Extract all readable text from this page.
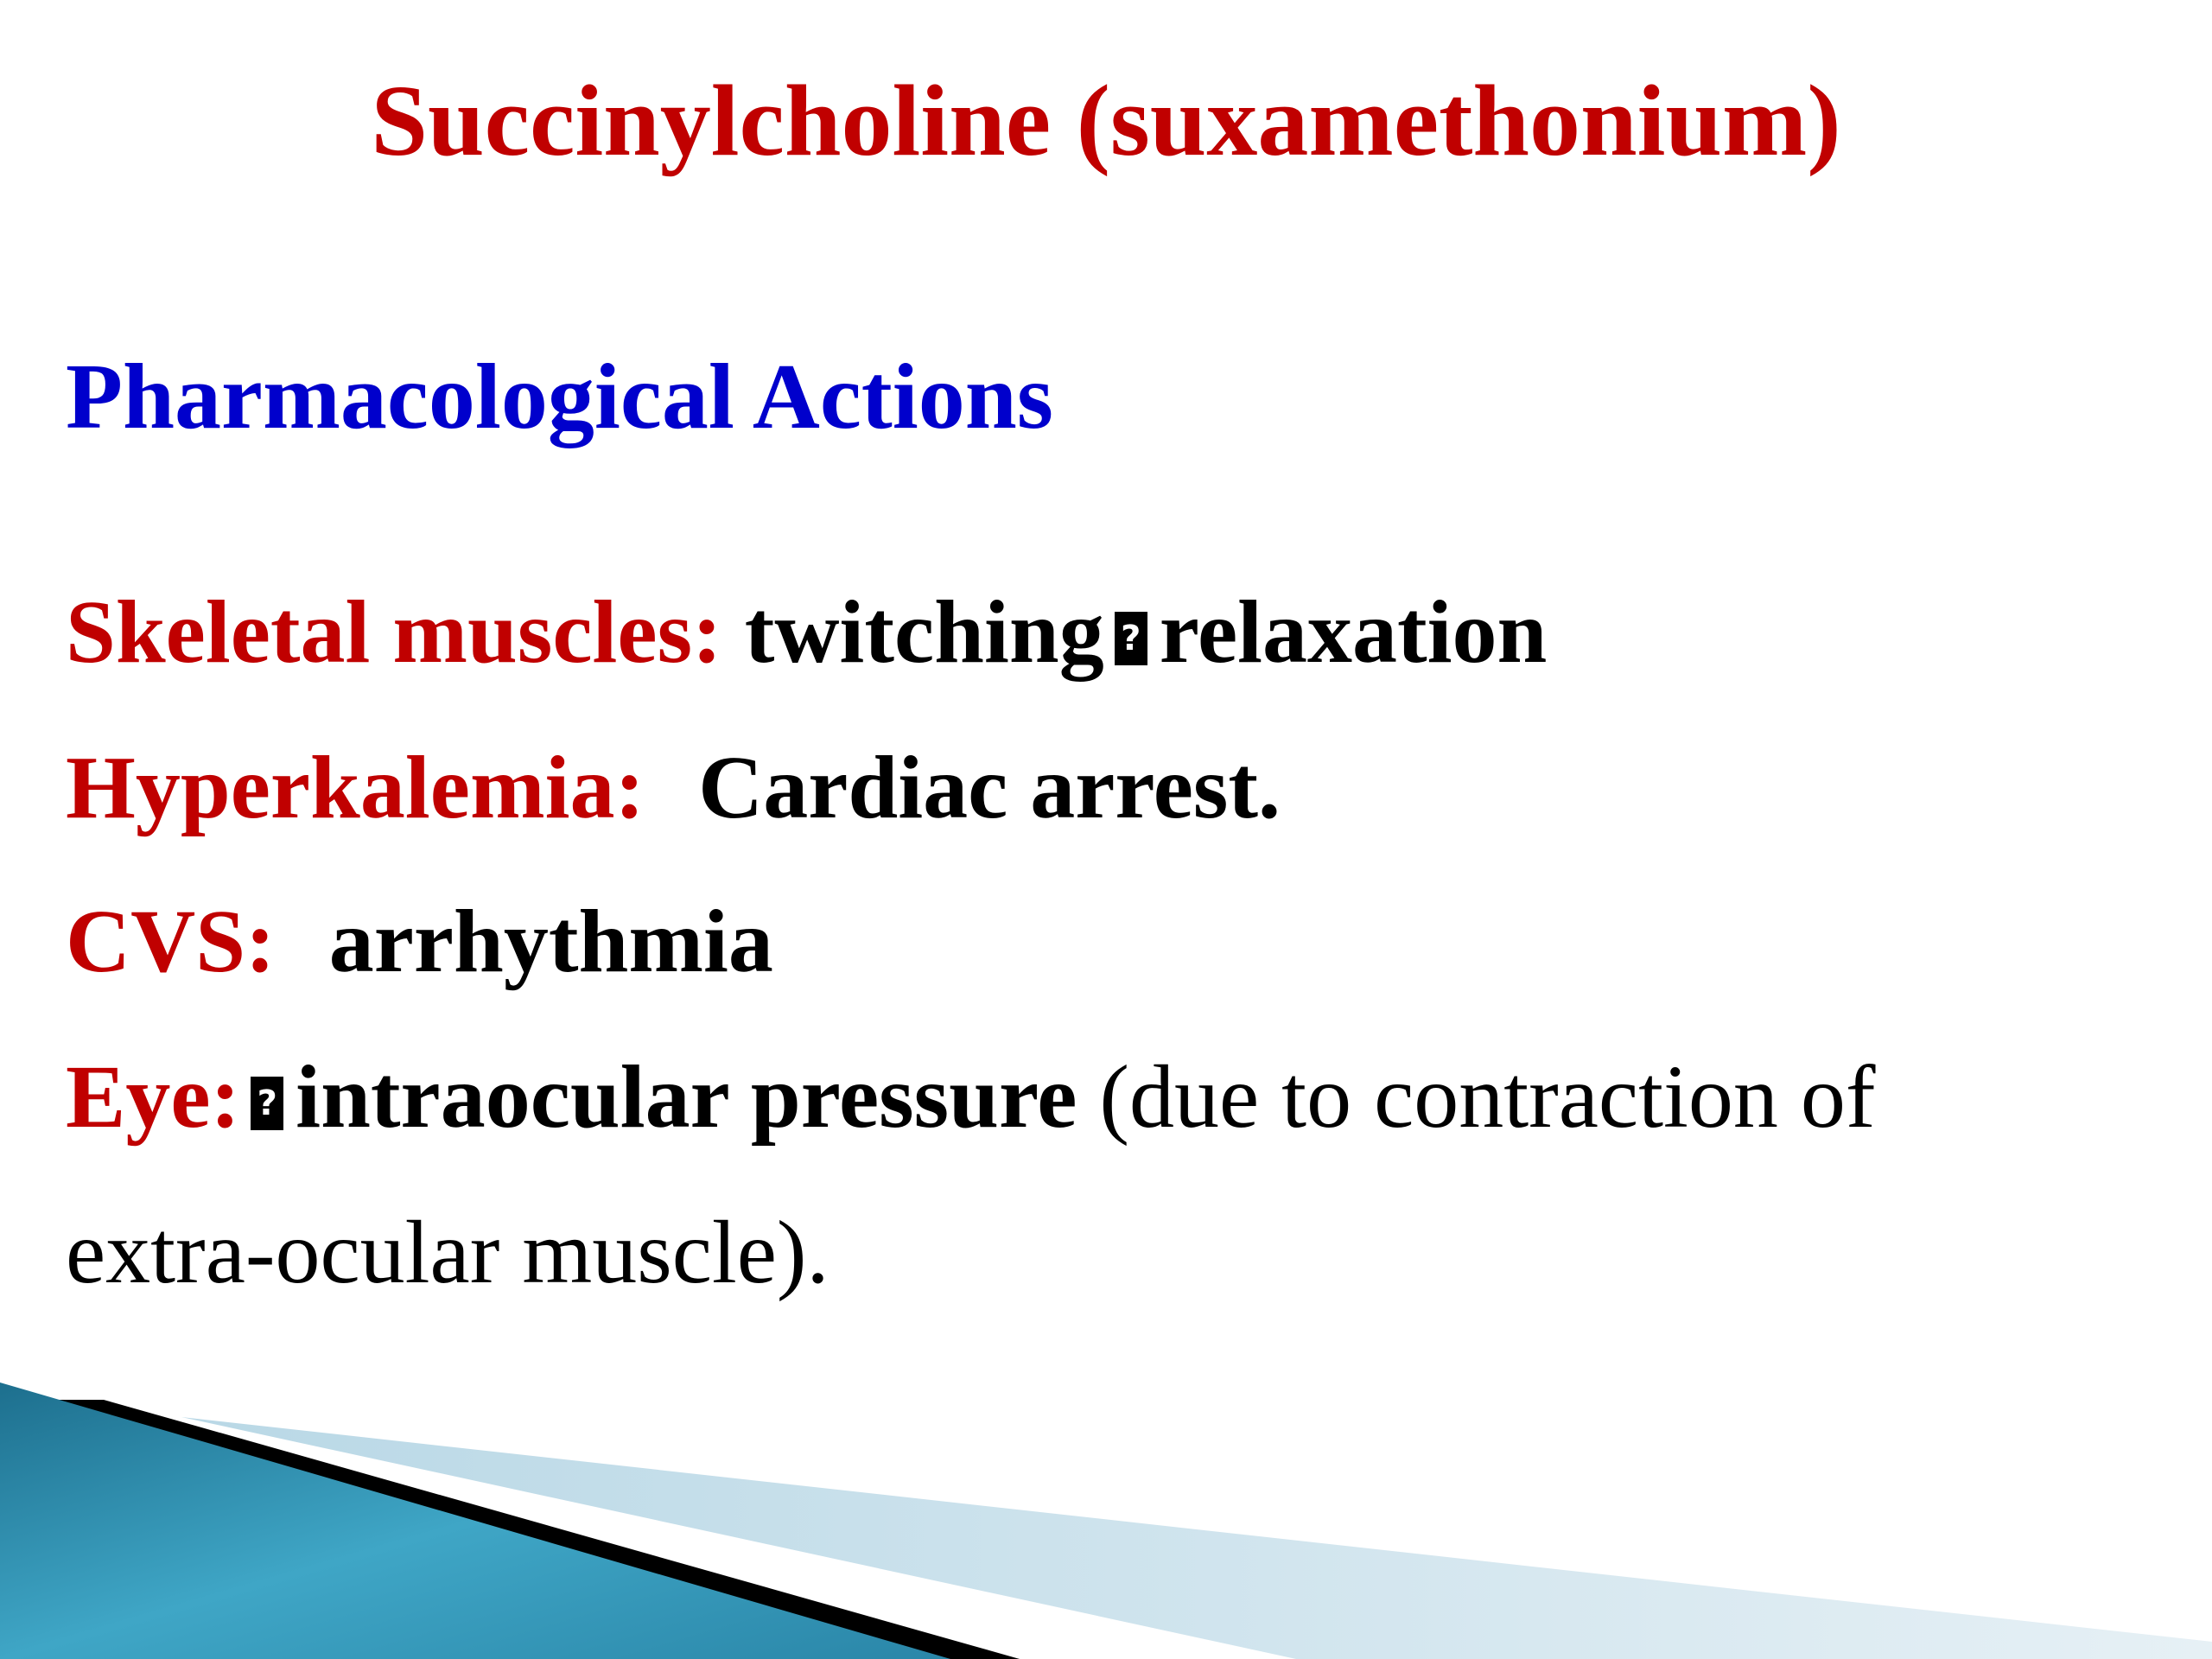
Succinylcholine (suxamethonium)
Pharmacological Actions
Skeletal muscles: twitching ? relaxation
Hyperkalemia: Cardiac arrest.
CVS: arrhythmia
Eye: ? intraocular pressure (due to contraction of
extra-ocular muscle).
